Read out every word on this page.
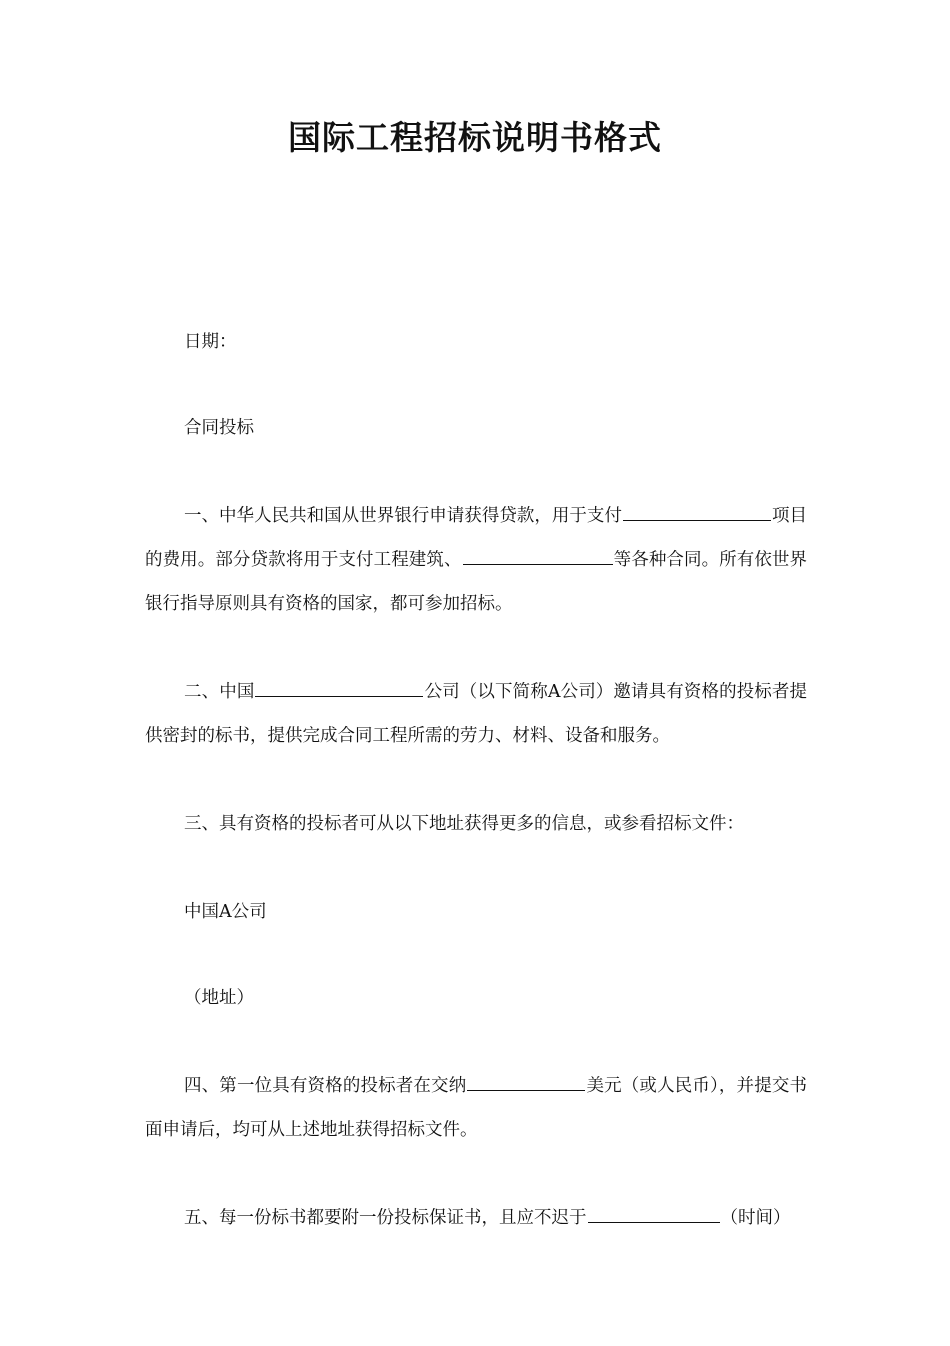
国际工程招标说明书格式

日期：

合同投标

一、中华人民共和国从世界银行申请获得贷款，用于支付	项目的费用。部分贷款将用于支付工程建筑、	等各种合同。所有依世界银行指导原则具有资格的国家，都可参加招标。

二、中国	公司（以下简称A公司）邀请具有资格的投标者提供密封的标书，提供完成合同工程所需的劳力、材料、设备和服务。

三、具有资格的投标者可从以下地址获得更多的信息，或参看招标文件：

中国A公司

（地址）

四、第一位具有资格的投标者在交纳	美元（或人民币），并提交书面申请后，均可从上述地址获得招标文件。

五、每一份标书都要附一份投标保证书，且应不迟于	（时间）
